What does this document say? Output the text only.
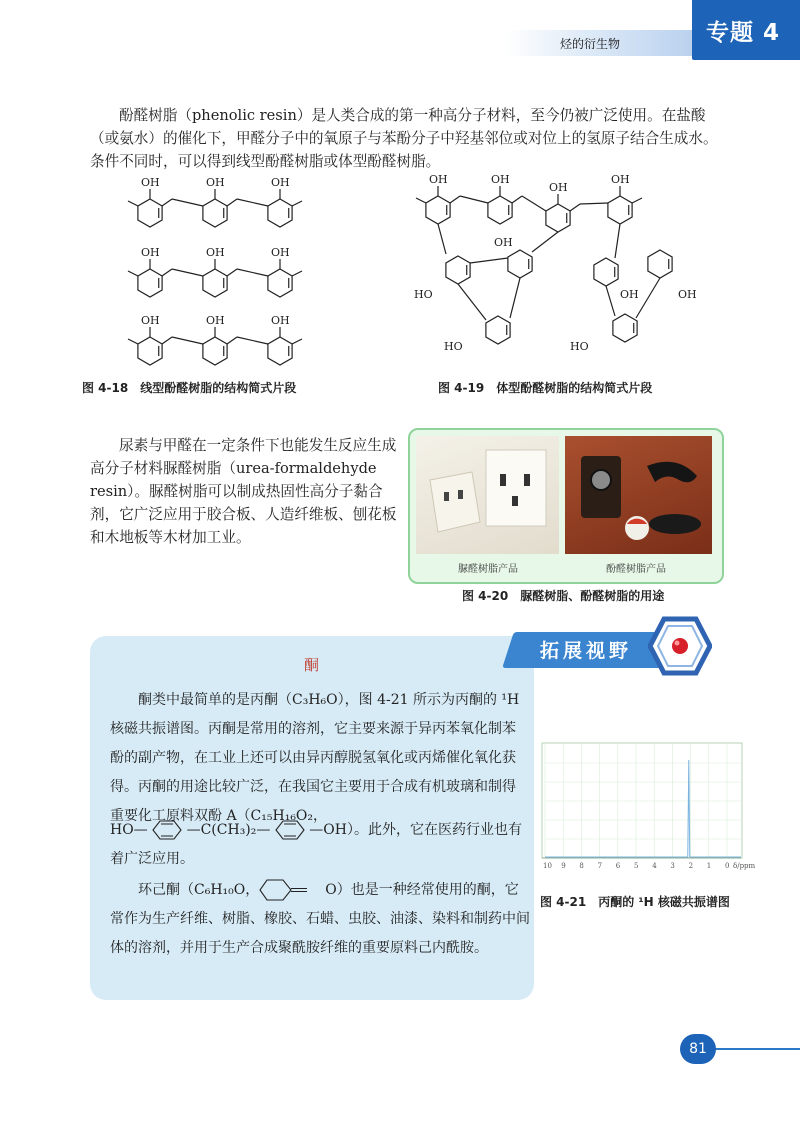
烃的衍生物	专题 4
酚醛树脂（phenolic resin）是人类合成的第一种高分子材料，至今仍被广泛使用。在盐酸（或氨水）的催化下，甲醛分子中的氧原子与苯酚分子中羟基邻位或对位上的氢原子结合生成水。条件不同时，可以得到线型酚醛树脂或体型酚醛树脂。
OH	OH	OH
OH	OH	OH
OH	OH	OH
图 4-18　线型酚醛树脂的结构简式片段
OH	OH
OH
OH
HO
OH
OH	OH
HO	HO
图 4-19　体型酚醛树脂的结构简式片段
尿素与甲醛在一定条件下也能发生反应生成高分子材料脲醛树脂（urea-formaldehyde resin）。脲醛树脂可以制成热固性高分子黏合剂，它广泛应用于胶合板、人造纤维板、刨花板和木地板等木材加工业。
脲醛树脂产品	酚醛树脂产品
图 4-20　脲醛树脂、酚醛树脂的用途
拓展视野
酮
酮类中最简单的是丙酮（C₃H₆O），图 4-21 所示为丙酮的 ¹H 核磁共振谱图。丙酮是常用的溶剂，它主要来源于异丙苯氧化制苯酚的副产物，在工业上还可以由异丙醇脱氢氧化或丙烯催化氧化获得。丙酮的用途比较广泛，在我国它主要用于合成有机玻璃和制得重要化工原料双酚 A（C₁₅H₁₆O₂，
HO—	—C(CH₃)₂—	—OH）。此外，它在医药行业也有着广泛应用。
环己酮（C₆H₁₀O，	O）也是一种经常使用的酮，它常作为生产纤维、树脂、橡胶、石蜡、虫胶、油漆、染料和制药中间体的溶剂，并用于生产合成聚酰胺纤维的重要原料己内酰胺。
10 9 8 7 6 5 4 3 2 1 0 δ/ppm
图 4-21　丙酮的 ¹H 核磁共振谱图
81
